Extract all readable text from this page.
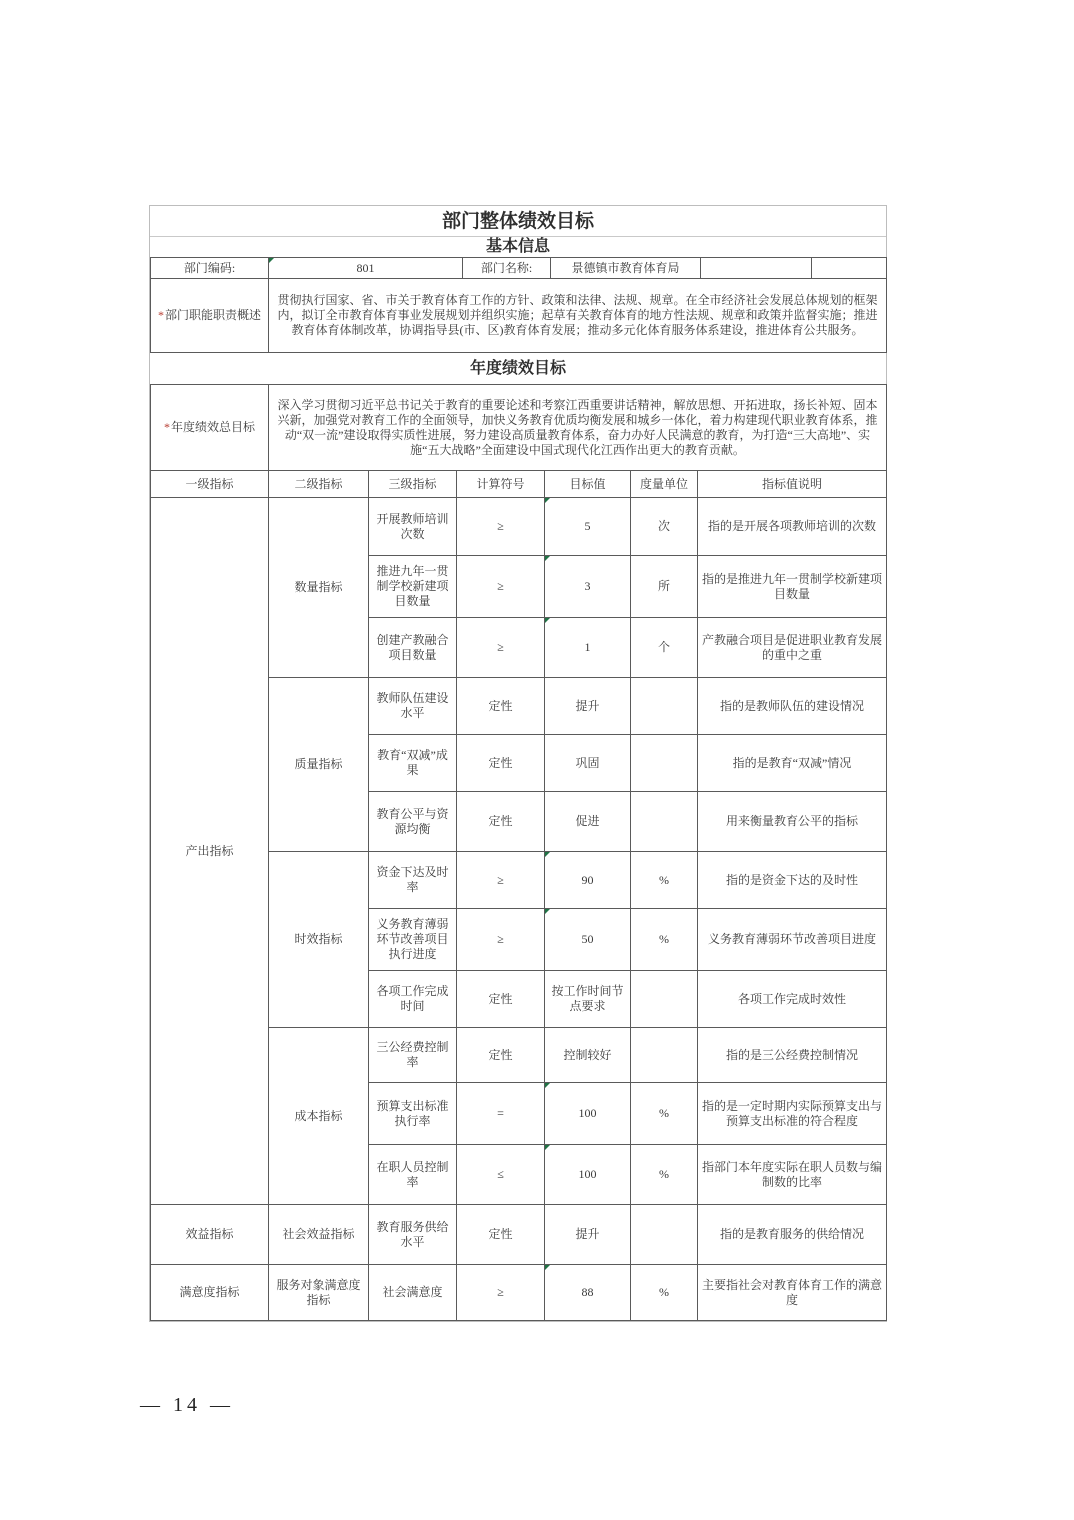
部门整体绩效目标
基本信息
部门编码:	801	部门名称:	景德镇市教育体育局		
*部门职能职责概述	贯彻执行国家、省、市关于教育体育工作的方针、政策和法律、法规、规章。在全市经济社会发展总体规划的框架内，拟订全市教育体育事业发展规划并组织实施；起草有关教育体育的地方性法规、规章和政策并监督实施；推进教育体育体制改革，协调指导县(市、区)教育体育发展；推动多元化体育服务体系建设，推进体育公共服务。				
年度绩效目标
*年度绩效总目标	深入学习贯彻习近平总书记关于教育的重要论述和考察江西重要讲话精神，解放思想、开拓进取，扬长补短、固本兴新，加强党对教育工作的全面领导，加快义务教育优质均衡发展和城乡一体化，着力构建现代职业教育体系，推动“双一流”建设取得实质性进展，努力建设高质量教育体系，奋力办好人民满意的教育，为打造“三大高地”、实施“五大战略”全面建设中国式现代化江西作出更大的教育贡献。
一级指标	二级指标	三级指标	计算符号	目标值	度量单位	指标值说明
产出指标	数量指标	开展教师培训次数	≥	5	次	指的是开展各项教师培训的次数
		推进九年一贯制学校新建项目数量	≥	3	所	指的是推进九年一贯制学校新建项目数量
		创建产教融合项目数量	≥	1	个	产教融合项目是促进职业教育发展的重中之重
	质量指标	教师队伍建设水平	定性	提升		指的是教师队伍的建设情况
		教育“双减”成果	定性	巩固		指的是教育“双减”情况
		教育公平与资源均衡	定性	促进		用来衡量教育公平的指标
	时效指标	资金下达及时率	≥	90	%	指的是资金下达的及时性
		义务教育薄弱环节改善项目执行进度	≥	50	%	义务教育薄弱环节改善项目进度
		各项工作完成时间	定性	按工作时间节点要求		各项工作完成时效性
	成本指标	三公经费控制率	定性	控制较好		指的是三公经费控制情况
		预算支出标准执行率	=	100	%	指的是一定时期内实际预算支出与预算支出标准的符合程度
		在职人员控制率	≤	100	%	指部门本年度实际在职人员数与编制数的比率
效益指标	社会效益指标	教育服务供给水平	定性	提升		指的是教育服务的供给情况
满意度指标	服务对象满意度指标	社会满意度	≥	88	%	主要指社会对教育体育工作的满意度
— 14 —
